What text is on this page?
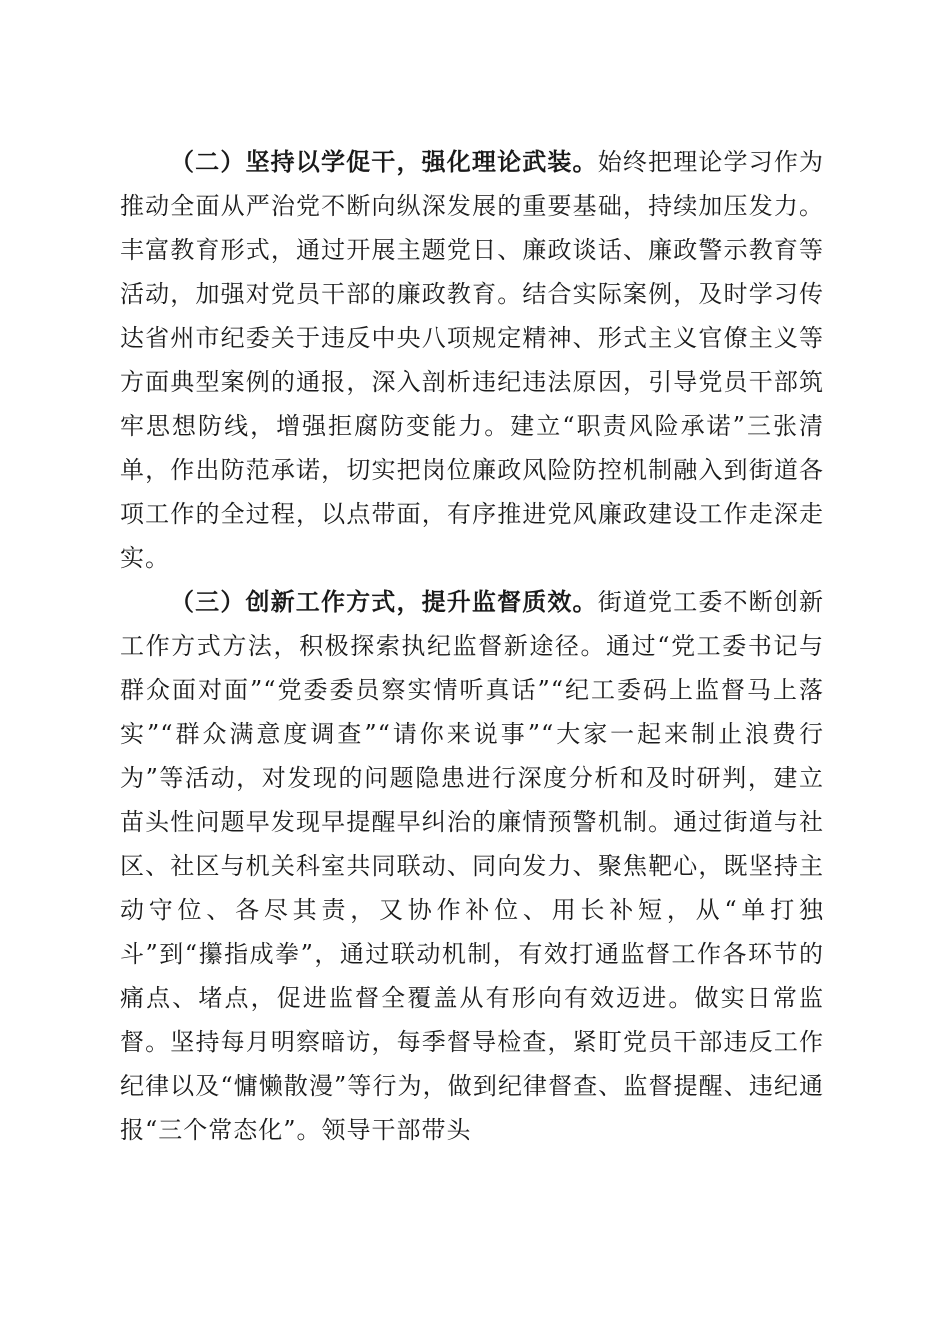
（二）坚持以学促干，强化理论武装。始终把理论学习作为推动全面从严治党不断向纵深发展的重要基础，持续加压发力。丰富教育形式，通过开展主题党日、廉政谈话、廉政警示教育等活动，加强对党员干部的廉政教育。结合实际案例，及时学习传达省州市纪委关于违反中央八项规定精神、形式主义官僚主义等方面典型案例的通报，深入剖析违纪违法原因，引导党员干部筑牢思想防线，增强拒腐防变能力。建立“职责风险承诺”三张清单，作出防范承诺，切实把岗位廉政风险防控机制融入到街道各项工作的全过程，以点带面，有序推进党风廉政建设工作走深走实。

（三）创新工作方式，提升监督质效。街道党工委不断创新工作方式方法，积极探索执纪监督新途径。通过“党工委书记与群众面对面”“党委委员察实情听真话”“纪工委码上监督马上落实”“群众满意度调查”“请你来说事”“大家一起来制止浪费行为”等活动，对发现的问题隐患进行深度分析和及时研判，建立苗头性问题早发现早提醒早纠治的廉情预警机制。通过街道与社区、社区与机关科室共同联动、同向发力、聚焦靶心，既坚持主动守位、各尽其责，又协作补位、用长补短，从“单打独斗”到“攥指成拳”，通过联动机制，有效打通监督工作各环节的痛点、堵点，促进监督全覆盖从有形向有效迈进。做实日常监督。坚持每月明察暗访，每季督导检查，紧盯党员干部违反工作纪律以及“慵懒散漫”等行为，做到纪律督查、监督提醒、违纪通报“三个常态化”。领导干部带头
